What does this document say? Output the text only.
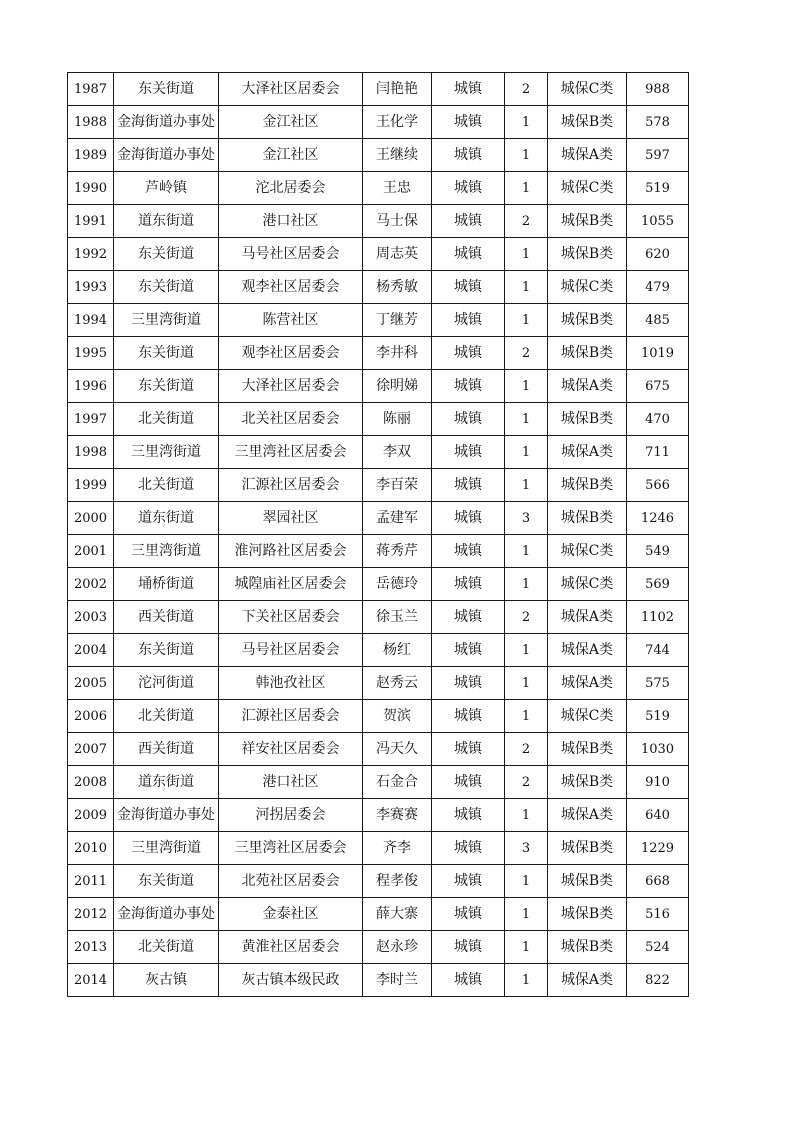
1987	东关街道	大泽社区居委会	闫艳艳	城镇	2	城保C类	988
1988	金海街道办事处	金江社区	王化学	城镇	1	城保B类	578
1989	金海街道办事处	金江社区	王继续	城镇	1	城保A类	597
1990	芦岭镇	沱北居委会	王忠	城镇	1	城保C类	519
1991	道东街道	港口社区	马士保	城镇	2	城保B类	1055
1992	东关街道	马号社区居委会	周志英	城镇	1	城保B类	620
1993	东关街道	观李社区居委会	杨秀敏	城镇	1	城保C类	479
1994	三里湾街道	陈营社区	丁继芳	城镇	1	城保B类	485
1995	东关街道	观李社区居委会	李井科	城镇	2	城保B类	1019
1996	东关街道	大泽社区居委会	徐明娣	城镇	1	城保A类	675
1997	北关街道	北关社区居委会	陈丽	城镇	1	城保B类	470
1998	三里湾街道	三里湾社区居委会	李双	城镇	1	城保A类	711
1999	北关街道	汇源社区居委会	李百荣	城镇	1	城保B类	566
2000	道东街道	翠园社区	孟建军	城镇	3	城保B类	1246
2001	三里湾街道	淮河路社区居委会	蒋秀芹	城镇	1	城保C类	549
2002	埇桥街道	城隍庙社区居委会	岳德玲	城镇	1	城保C类	569
2003	西关街道	下关社区居委会	徐玉兰	城镇	2	城保A类	1102
2004	东关街道	马号社区居委会	杨红	城镇	1	城保A类	744
2005	沱河街道	韩池孜社区	赵秀云	城镇	1	城保A类	575
2006	北关街道	汇源社区居委会	贺滨	城镇	1	城保C类	519
2007	西关街道	祥安社区居委会	冯天久	城镇	2	城保B类	1030
2008	道东街道	港口社区	石金合	城镇	2	城保B类	910
2009	金海街道办事处	河拐居委会	李赛赛	城镇	1	城保A类	640
2010	三里湾街道	三里湾社区居委会	齐李	城镇	3	城保B类	1229
2011	东关街道	北苑社区居委会	程孝俊	城镇	1	城保B类	668
2012	金海街道办事处	金泰社区	薛大寨	城镇	1	城保B类	516
2013	北关街道	黄淮社区居委会	赵永珍	城镇	1	城保B类	524
2014	灰古镇	灰古镇本级民政	李时兰	城镇	1	城保A类	822
